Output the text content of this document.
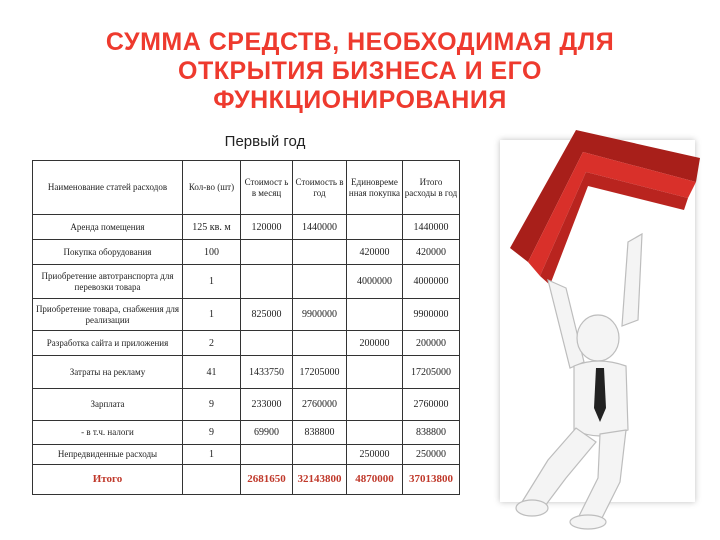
СУММА СРЕДСТВ, НЕОБХОДИМАЯ ДЛЯ ОТКРЫТИЯ БИЗНЕСА И ЕГО ФУНКЦИОНИРОВАНИЯ
Первый год
Наименование статей расходов	Кол-во (шт)	Стоимост ь в месяц	Стоимость в год	Единовреме нная покупка	Итого расходы в год
Аренда помещения	125 кв. м	120000	1440000		1440000
Покупка оборудования	100			420000	420000
Приобретение автотранспорта для перевозки товара	1			4000000	4000000
Приобретение товара, снабжения для реализации	1	825000	9900000		9900000
Разработка сайта и приложения	2			200000	200000
Затраты на рекламу	41	1433750	17205000		17205000
Зарплата	9	233000	2760000		2760000
- в т.ч. налоги	9	69900	838800		838800
Непредвиденные расходы	1			250000	250000
Итого		2681650	32143800	4870000	37013800
